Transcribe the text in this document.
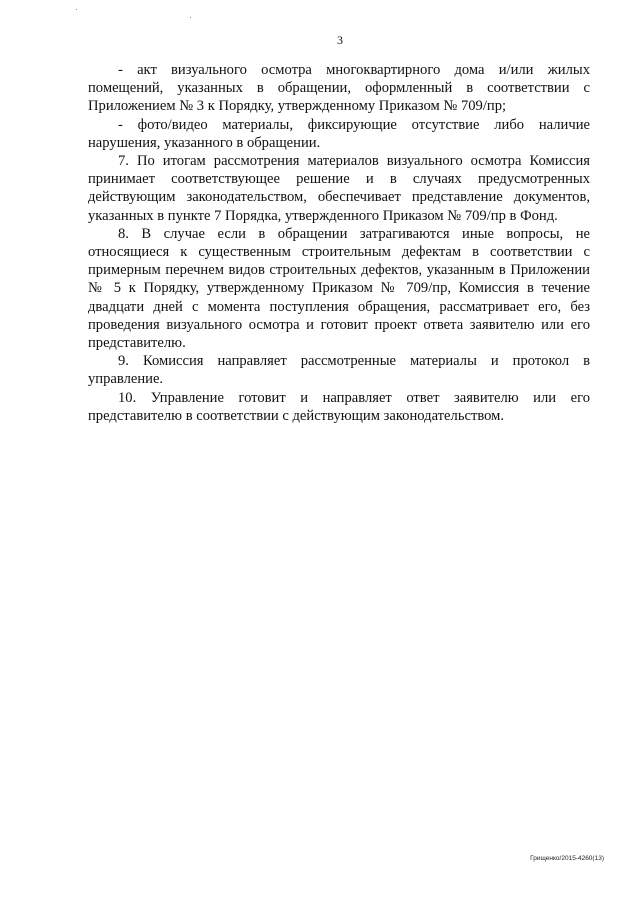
3

- акт визуального осмотра многоквартирного дома и/или жилых помещений, указанных в обращении, оформленный в соответствии с Приложением № 3 к Порядку, утвержденному Приказом № 709/пр;

- фото/видео материалы, фиксирующие отсутствие либо наличие нарушения, указанного в обращении.

7. По итогам рассмотрения материалов визуального осмотра Комиссия принимает соответствующее решение и в случаях предусмотренных действующим законодательством, обеспечивает представление документов, указанных в пункте 7 Порядка, утвержденного Приказом № 709/пр в Фонд.

8. В случае если в обращении затрагиваются иные вопросы, не относящиеся к существенным строительным дефектам в соответствии с примерным перечнем видов строительных дефектов, указанным в Приложении № 5 к Порядку, утвержденному Приказом № 709/пр, Комиссия в течение двадцати дней с момента поступления обращения, рассматривает его, без проведения визуального осмотра и готовит проект ответа заявителю или его представителю.

9. Комиссия направляет рассмотренные материалы и протокол в управление.

10. Управление готовит и направляет ответ заявителю или его представителю в соответствии с действующим законодательством.

Грищенко/2015-4260(13)
